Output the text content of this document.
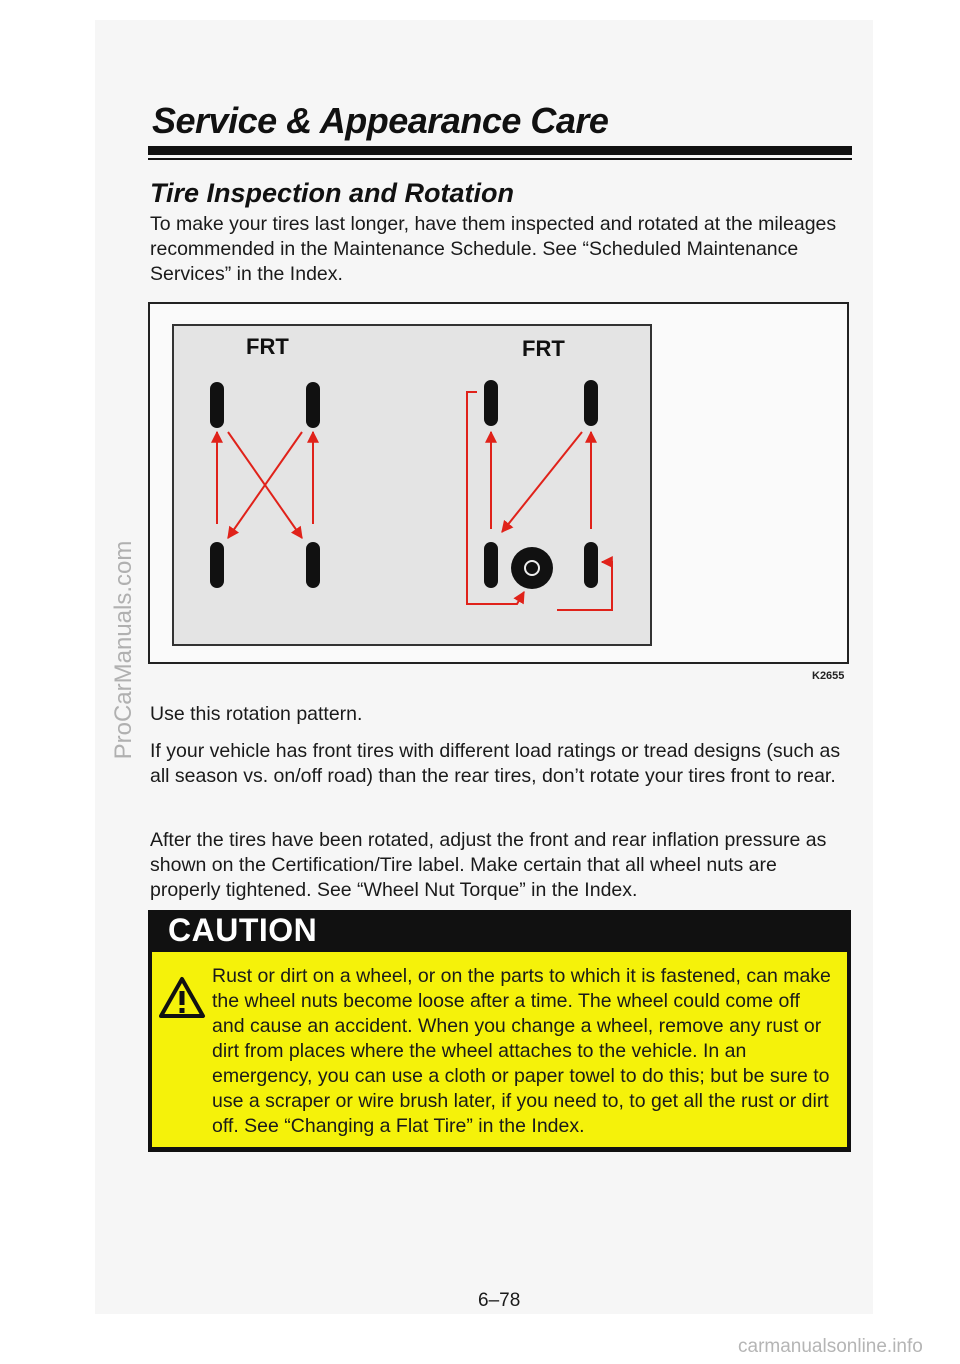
Service & Appearance Care
Tire Inspection and Rotation
To make your tires last longer, have them inspected and rotated at the mileages recommended in the Maintenance Schedule. See “Scheduled Maintenance Services” in the Index.
FRT	FRT
K2655
Use this rotation pattern.
If your vehicle has front tires with different load ratings or tread designs (such as all season vs. on/off road) than the rear tires, don’t rotate your tires front to rear.
After the tires have been rotated, adjust the front and rear inflation pressure as shown on the Certification/Tire label. Make certain that all wheel nuts are properly tightened. See “Wheel Nut Torque” in the Index.
CAUTION
Rust or dirt on a wheel, or on the parts to which it is fastened, can make the wheel nuts become loose after a time. The wheel could come off and cause an accident. When you change a wheel, remove any rust or dirt from places where the wheel attaches to the vehicle. In an emergency, you can use a cloth or paper towel to do this; but be sure to use a scraper or wire brush later, if you need to, to get all the rust or dirt off. See “Changing a Flat Tire” in the Index.
6–78
ProCarManuals.com
carmanualsonline.info
